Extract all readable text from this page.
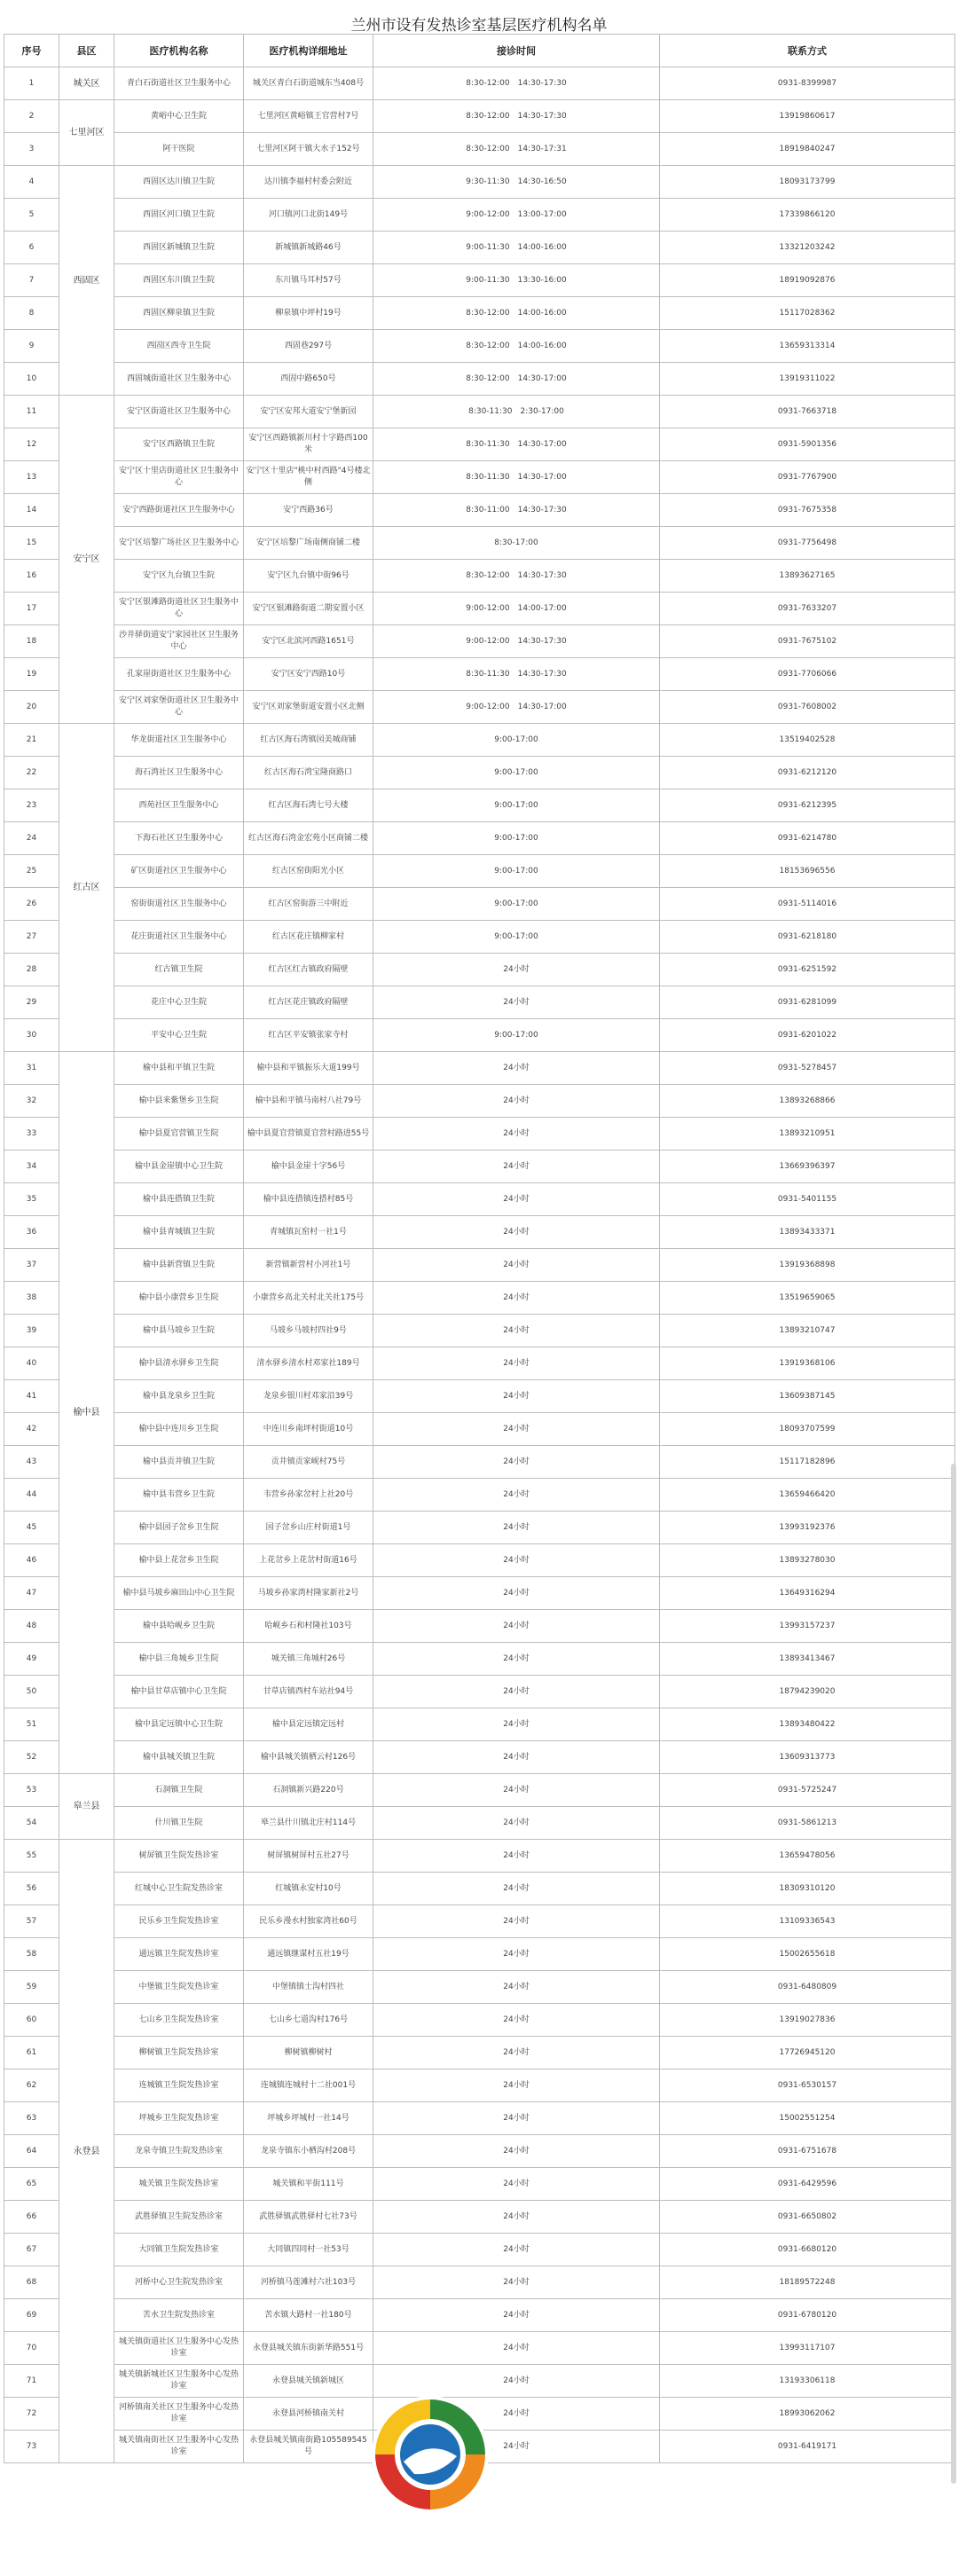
兰州市设有发热诊室基层医疗机构名单
序号	县区	医疗机构名称	医疗机构详细地址	接诊时间	联系方式
1	城关区	青白石街道社区卫生服务中心	城关区青白石街道城东当408号	8:30-12:00　14:30-17:30	0931-8399987
2	七里河区	黄峪中心卫生院	七里河区黄峪镇王官营村7号	8:30-12:00　14:30-17:30	13919860617
3		阿干医院	七里河区阿干镇大水子152号	8:30-12:00　14:30-17:31	18919840247
4	西固区	西固区达川镇卫生院	达川镇李福村村委会附近	9:30-11:30　14:30-16:50	18093173799
5		西固区河口镇卫生院	河口镇河口北街149号	9:00-12:00　13:00-17:00	17339866120
6		西固区新城镇卫生院	新城镇新城路46号	9:00-11:30　14:00-16:00	13321203242
7		西固区东川镇卫生院	东川镇马耳村57号	9:00-11:30　13:30-16:00	18919092876
8		西固区柳泉镇卫生院	柳泉镇中坪村19号	8:30-12:00　14:00-16:00	15117028362
9		西固区西寺卫生院	西固巷297号	8:30-12:00　14:00-16:00	13659313314
10		西固城街道社区卫生服务中心	西固中路650号	8:30-12:00　14:30-17:00	13919311022
11	安宁区	安宁区街道社区卫生服务中心	安宁区安邦大道安宁堡新园	8:30-11:30　2:30-17:00	0931-7663718
12		安宁区西路镇卫生院	安宁区西路镇新川村十字路西100米	8:30-11:30　14:30-17:00	0931-5901356
13		安宁区十里店街道社区卫生服务中心	安宁区十里店"桃中村西路"4号楼北侧	8:30-11:30　14:30-17:00	0931-7767900
14		安宁西路街道社区卫生服务中心	安宁西路36号	8:30-11:00　14:30-17:30	0931-7675358
15		安宁区培黎广场社区卫生服务中心	安宁区培黎广场南侧商铺二楼	8:30-17:00	0931-7756498
16		安宁区九台镇卫生院	安宁区九台镇中街96号	8:30-12:00　14:30-17:30	13893627165
17		安宁区银滩路街道社区卫生服务中心	安宁区银滩路街道二期安置小区	9:00-12:00　14:00-17:00	0931-7633207
18		沙井驿街道安宁家园社区卫生服务中心	安宁区北滨河西路1651号	9:00-12:00　14:30-17:30	0931-7675102
19		孔家崖街道社区卫生服务中心	安宁区安宁西路10号	8:30-11:30　14:30-17:30	0931-7706066
20		安宁区刘家堡街道社区卫生服务中心	安宁区刘家堡街道安置小区北侧	9:00-12:00　14:30-17:00	0931-7608002
21	红古区	华龙街道社区卫生服务中心	红古区海石湾镇园美城商铺	9:00-17:00	13519402528
22		海石湾社区卫生服务中心	红古区海石湾宝隆商路口	9:00-17:00	0931-6212120
23		西苑社区卫生服务中心	红古区海石湾七号大楼	9:00-17:00	0931-6212395
24		下海石社区卫生服务中心	红古区海石湾金宏苑小区商铺二楼	9:00-17:00	0931-6214780
25		矿区街道社区卫生服务中心	红古区窑街阳光小区	9:00-17:00	18153696556
26		窑街街道社区卫生服务中心	红古区窑街游三中附近	9:00-17:00	0931-5114016
27		花庄街道社区卫生服务中心	红古区花庄镇柳家村	9:00-17:00	0931-6218180
28		红古镇卫生院	红古区红古镇政府隔壁	24小时	0931-6251592
29		花庄中心卫生院	红古区花庄镇政府隔壁	24小时	0931-6281099
30		平安中心卫生院	红古区平安镇张家寺村	9:00-17:00	0931-6201022
31	榆中县	榆中县和平镇卫生院	榆中县和平镇振乐大道199号	24小时	0931-5278457
32		榆中县来紫堡乡卫生院	榆中县和平镇马南村八社79号	24小时	13893268866
33		榆中县夏官营镇卫生院	榆中县夏官营镇夏官营村路进55号	24小时	13893210951
34		榆中县金崖镇中心卫生院	榆中县金崖十字56号	24小时	13669396397
35		榆中县连搭镇卫生院	榆中县连搭镇连搭村85号	24小时	0931-5401155
36		榆中县青城镇卫生院	青城镇瓦窑村一社1号	24小时	13893433371
37		榆中县新营镇卫生院	新营镇新营村小河社1号	24小时	13919368898
38		榆中县小康营乡卫生院	小康营乡高北关村北关社175号	24小时	13519659065
39		榆中县马坡乡卫生院	马坡乡马坡村四社9号	24小时	13893210747
40		榆中县清水驿乡卫生院	清水驿乡清水村邓家社189号	24小时	13919368106
41		榆中县龙泉乡卫生院	龙泉乡银川村邓家沿39号	24小时	13609387145
42		榆中县中连川乡卫生院	中连川乡南坪村街道10号	24小时	18093707599
43		榆中县贡井镇卫生院	贡井镇贡家岘村75号	24小时	15117182896
44		榆中县韦营乡卫生院	韦营乡孙家岔村上社20号	24小时	13659466420
45		榆中县园子岔乡卫生院	园子岔乡山庄村街道1号	24小时	13993192376
46		榆中县上花岔乡卫生院	上花岔乡上花岔村街道16号	24小时	13893278030
47		榆中县马坡乡麻田山中心卫生院	马坡乡孙家湾村隆家新社2号	24小时	13649316294
48		榆中县哈岘乡卫生院	哈岘乡石和村隆社103号	24小时	13993157237
49		榆中县三角城乡卫生院	城关镇三角城村26号	24小时	13893413467
50		榆中县甘草店镇中心卫生院	甘草店镇西村车站社94号	24小时	18794239020
51		榆中县定远镇中心卫生院	榆中县定远镇定远村	24小时	13893480422
52		榆中县城关镇卫生院	榆中县城关镇栖云村126号	24小时	13609313773
53	皋兰县	石洞镇卫生院	石洞镇新兴路220号	24小时	0931-5725247
54		什川镇卫生院	皋兰县什川镇北庄村114号	24小时	0931-5861213
55	永登县	树屏镇卫生院发热诊室	树屏镇树屏村五社27号	24小时	13659478056
56		红城中心卫生院发热诊室	红城镇永安村10号	24小时	18309310120
57		民乐乡卫生院发热诊室	民乐乡漫水村独家湾社60号	24小时	13109336543
58		通远镇卫生院发热诊室	通远镇继谋村五社19号	24小时	15002655618
59		中堡镇卫生院发热诊室	中堡镇镇士沟村四社	24小时	0931-6480809
60		七山乡卫生院发热诊室	七山乡七道沟村176号	24小时	13919027836
61		柳树镇卫生院发热诊室	柳树镇柳树村	24小时	17726945120
62		连城镇卫生院发热诊室	连城镇连城村十二社001号	24小时	0931-6530157
63		坪城乡卫生院发热诊室	坪城乡坪城村一社14号	24小时	15002551254
64		龙泉寺镇卫生院发热诊室	龙泉寺镇东小栖沟村208号	24小时	0931-6751678
65		城关镇卫生院发热诊室	城关镇和平街111号	24小时	0931-6429596
66		武胜驿镇卫生院发热诊室	武胜驿镇武胜驿村七社73号	24小时	0931-6650802
67		大同镇卫生院发热诊室	大同镇四同村一社53号	24小时	0931-6680120
68		河桥中心卫生院发热诊室	河桥镇马莲滩村六社103号	24小时	18189572248
69		苦水卫生院发热诊室	苦水镇大路村一社180号	24小时	0931-6780120
70		城关镇街道社区卫生服务中心发热诊室	永登县城关镇东街新华路551号	24小时	13993117107
71		城关镇新城社区卫生服务中心发热诊室	永登县城关镇新城区	24小时	13193306118
72		河桥镇南关社区卫生服务中心发热诊室	永登县河桥镇南关村	24小时	18993062062
73		城关镇南街社区卫生服务中心发热诊室	永登县城关镇南街路105589545号	24小时	0931-6419171
